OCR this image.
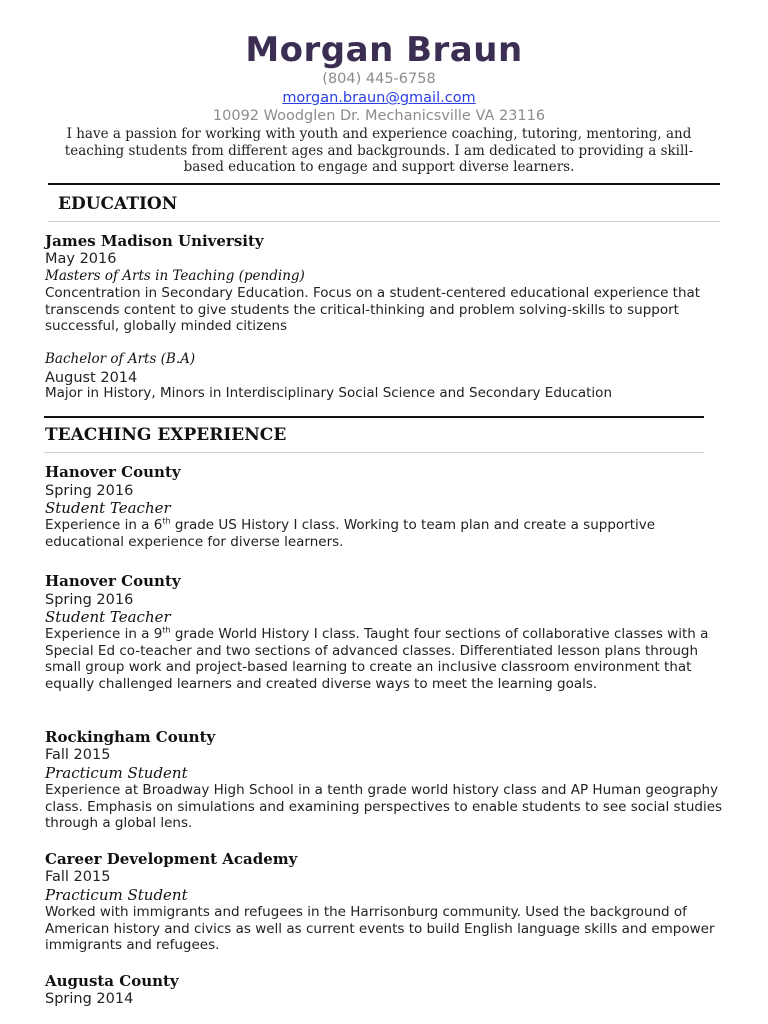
Morgan Braun
(804) 445-6758
morgan.braun@gmail.com
10092 Woodglen Dr. Mechanicsville VA 23116
I have a passion for working with youth and experience coaching, tutoring, mentoring, and teaching students from different ages and backgrounds. I am dedicated to providing a skill-based education to engage and support diverse learners.
EDUCATION
James Madison University
May 2016
Masters of Arts in Teaching (pending)
Concentration in Secondary Education. Focus on a student-centered educational experience that transcends content to give students the critical-thinking and problem solving-skills to support successful, globally minded citizens
Bachelor of Arts (B.A)
August 2014
Major in History, Minors in Interdisciplinary Social Science and Secondary Education
TEACHING EXPERIENCE
Hanover County
Spring 2016
Student Teacher
Experience in a 6th grade US History I class. Working to team plan and create a supportive educational experience for diverse learners.
Hanover County
Spring 2016
Student Teacher
Experience in a 9th grade World History I class. Taught four sections of collaborative classes with a Special Ed co-teacher and two sections of advanced classes. Differentiated lesson plans through small group work and project-based learning to create an inclusive classroom environment that equally challenged learners and created diverse ways to meet the learning goals.
Rockingham County
Fall 2015
Practicum Student
Experience at Broadway High School in a tenth grade world history class and AP Human geography class. Emphasis on simulations and examining perspectives to enable students to see social studies through a global lens.
Career Development Academy
Fall 2015
Practicum Student
Worked with immigrants and refugees in the Harrisonburg community. Used the background of American history and civics as well as current events to build English language skills and empower immigrants and refugees.
Augusta County
Spring 2014
